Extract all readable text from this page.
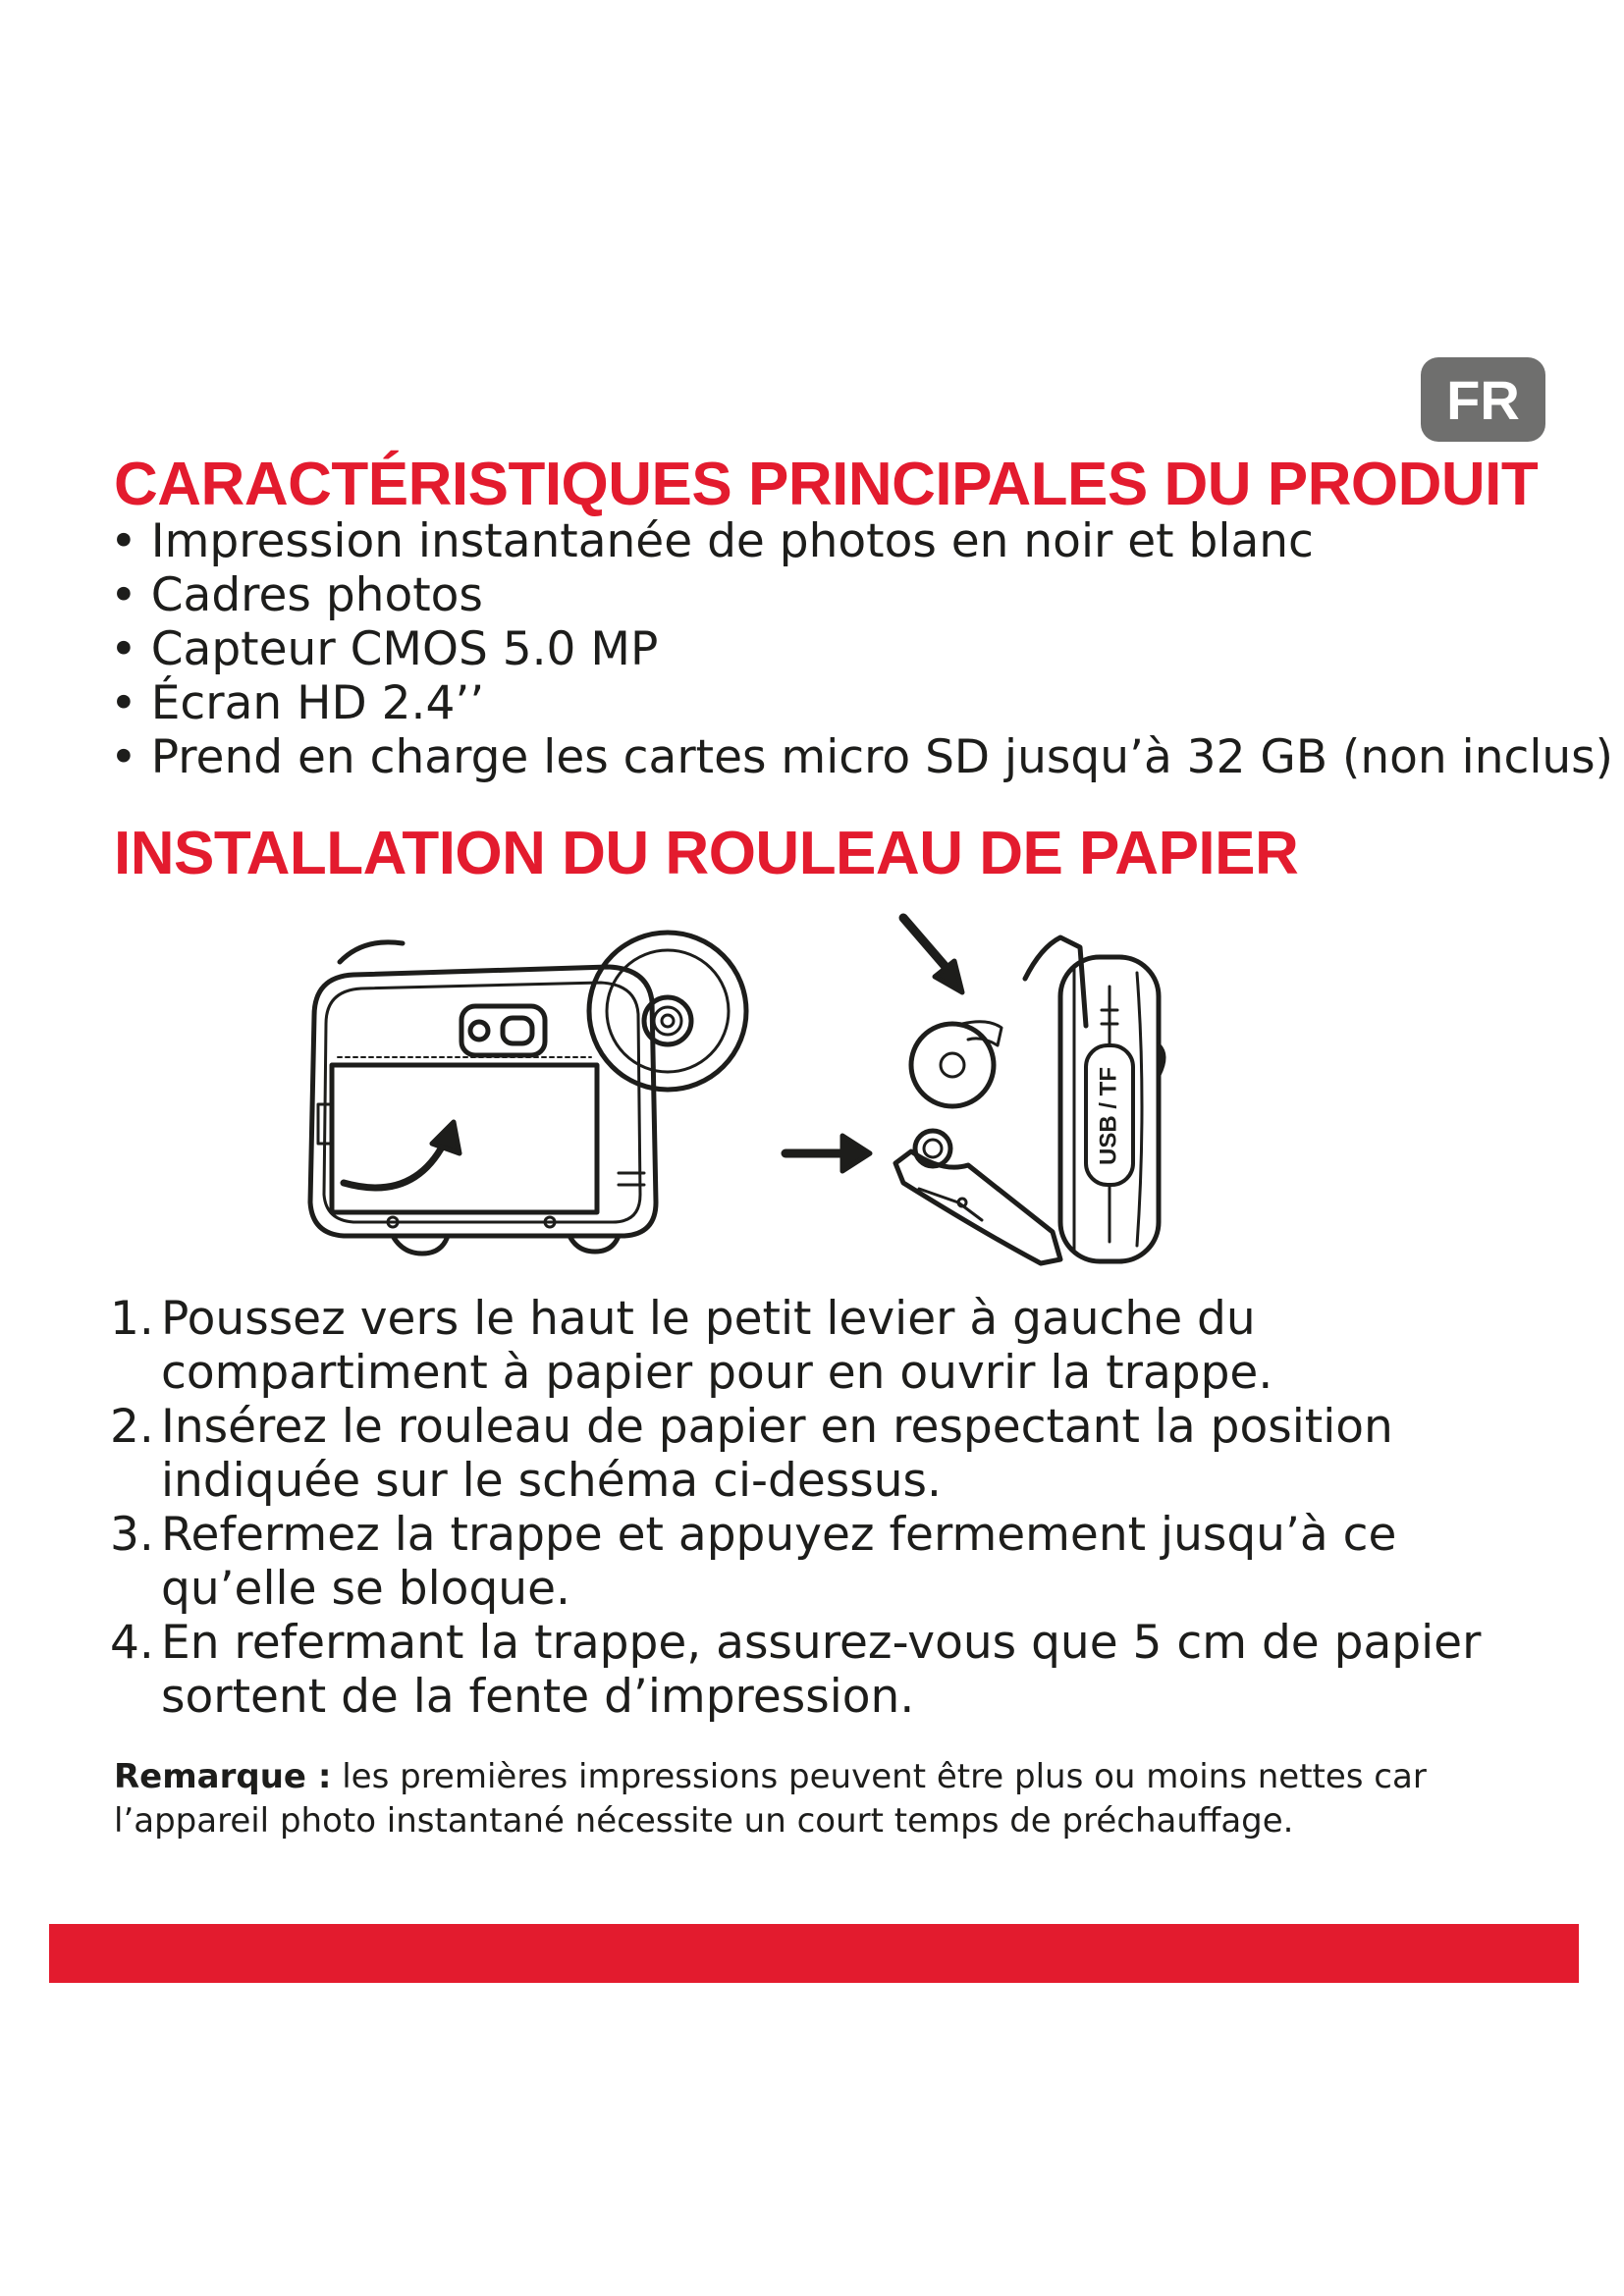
FR
CARACTÉRISTIQUES PRINCIPALES DU PRODUIT
• Impression instantanée de photos en noir et blanc
• Cadres photos
• Capteur CMOS 5.0 MP
• Écran HD 2.4’’
• Prend en charge les cartes micro SD jusqu’à 32 GB (non inclus)
INSTALLATION DU ROULEAU DE PAPIER
USB / TF
1. Poussez vers le haut le petit levier à gauche du compartiment à papier pour en ouvrir la trappe.
2. Insérez le rouleau de papier en respectant la position indiquée sur le schéma ci-dessus.
3. Refermez la trappe et appuyez fermement jusqu’à ce qu’elle se bloque.
4. En refermant la trappe, assurez-vous que 5 cm de papier sortent de la fente d’impression.

Remarque : les premières impressions peuvent être plus ou moins nettes car l’appareil photo instantané nécessite un court temps de préchauffage.
